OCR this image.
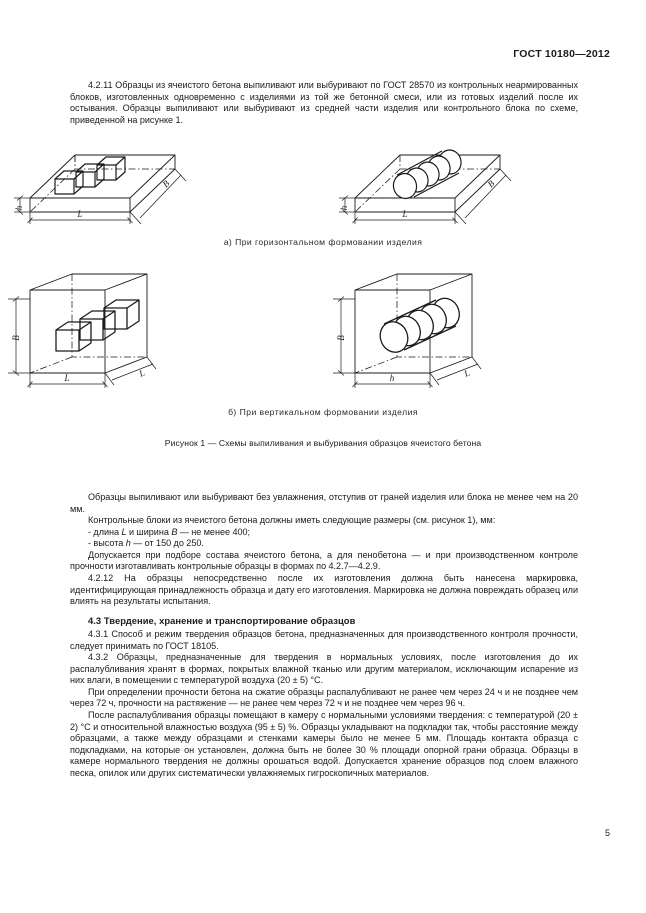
ГОСТ 10180—2012

4.2.11 Образцы из ячеистого бетона выпиливают или выбуривают по ГОСТ 28570 из контрольных неармированных блоков, изготовленных одновременно с изделиями из той же бетонной смеси, или из готовых изделий после их остывания. Образцы выпиливают или выбуривают из средней части изделия или контрольного блока по схеме, приведенной на рисунке 1.

Образцы выпиливают или выбуривают без увлажнения, отступив от граней изделия или блока не менее чем на 20 мм.

Контрольные блоки из ячеистого бетона должны иметь следующие размеры (см. рисунок 1), мм:

- длина L и ширина B — не менее 400;

- высота h — от 150 до 250.

Допускается при подборе состава ячеистого бетона, а для пенобетона — и при производственном контроле прочности изготавливать контрольные образцы в формах по 4.2.7—4.2.9.

4.2.12 На образцы непосредственно после их изготовления должна быть нанесена маркировка, идентифицирующая принадлежность образца и дату его изготовления. Маркировка не должна повреждать образец или влиять на результаты испытания.

4.3 Твердение, хранение и транспортирование образцов

4.3.1 Способ и режим твердения образцов бетона, предназначенных для производственного контроля прочности, следует принимать по ГОСТ 18105.

4.3.2 Образцы, предназначенные для твердения в нормальных условиях, после изготовления до их распалубливания хранят в формах, покрытых влажной тканью или другим материалом, исключающим испарение из них влаги, в помещении с температурой воздуха (20 ± 5) °С.

При определении прочности бетона на сжатие образцы распалубливают не ранее чем через 24 ч и не позднее чем через 72 ч, прочности на растяжение — не ранее чем через 72 ч и не позднее чем через 96 ч.

После распалубливания образцы помещают в камеру с нормальными условиями твердения: с температурой (20 ± 2) °С и относительной влажностью воздуха (95 ± 5) %. Образцы укладывают на подкладки так, чтобы расстояние между образцами, а также между образцами и стенками камеры было не менее 5 мм. Площадь контакта образца с подкладками, на которые он установлен, должна быть не более 30 % площади опорной грани образца. Образцы в камере нормального твердения не должны орошаться водой. Допускается хранение образцов под слоем влажного песка, опилок или других систематически увлажняемых гигроскопичных материалов.

h
L
B
h
L
B
а) При горизонтальном формовании изделия
B
L	L
B
h	L
б) При вертикальном формовании изделия
Рисунок 1 — Схемы выпиливания и выбуривания образцов ячеистого бетона
5
